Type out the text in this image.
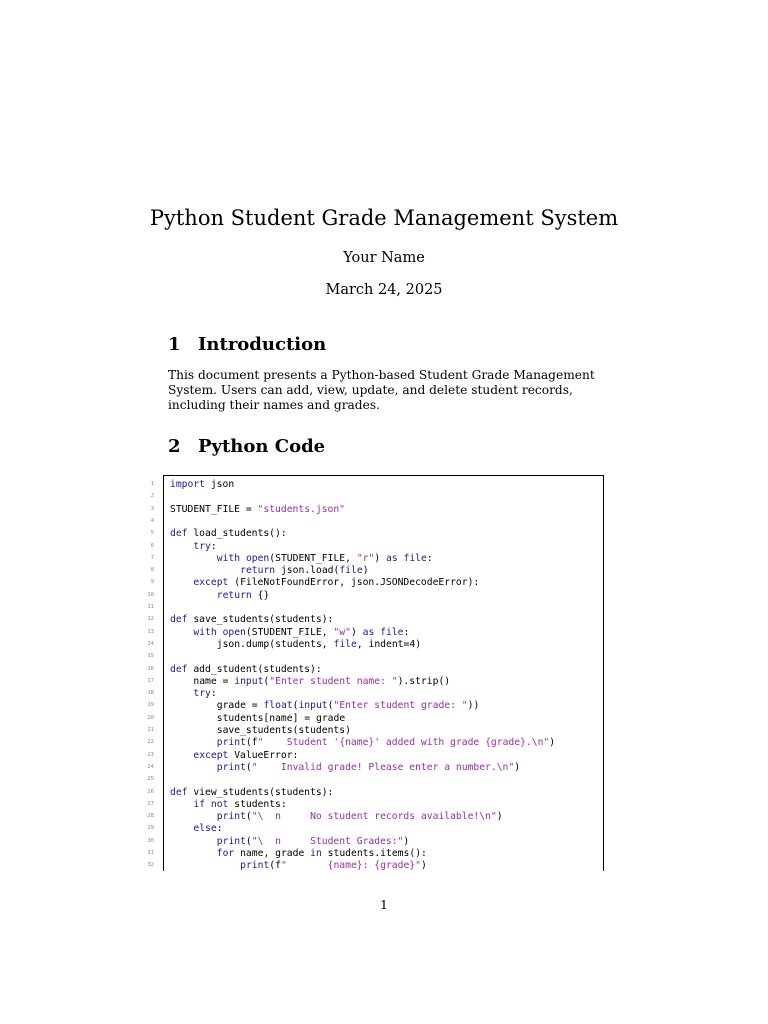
Python Student Grade Management System
Your Name
March 24, 2025
1 Introduction
This document presents a Python-based Student Grade Management System. Users can add, view, update, and delete student records, including their names and grades.
2 Python Code
1
2
3
4
5
6
7
8
9
10
11
12
13
14
15
16
17
18
19
20
21
22
23
24
25
26
27
28
29
30
31
32
import json
STUDENT_FILE = "students.json"
def load_students():
try:
with open(STUDENT_FILE, "r") as file:
return json.load(file)
except (FileNotFoundError, json.JSONDecodeError):
return {}
def save_students(students):
with open(STUDENT_FILE, "w") as file:
json.dump(students, file, indent=4)
def add_student(students):
name = input("Enter student name: ").strip()
try:
grade = float(input("Enter student grade: "))
students[name] = grade
save_students(students)
print(f"    Student '{name}' added with grade {grade}.\n")
except ValueError:
print("    Invalid grade! Please enter a number.\n")
def view_students(students):
if not students:
print("\  n     No student records available!\n")
else:
print("\  n     Student Grades:")
for name, grade in students.items():
print(f"       {name}: {grade}")
1
